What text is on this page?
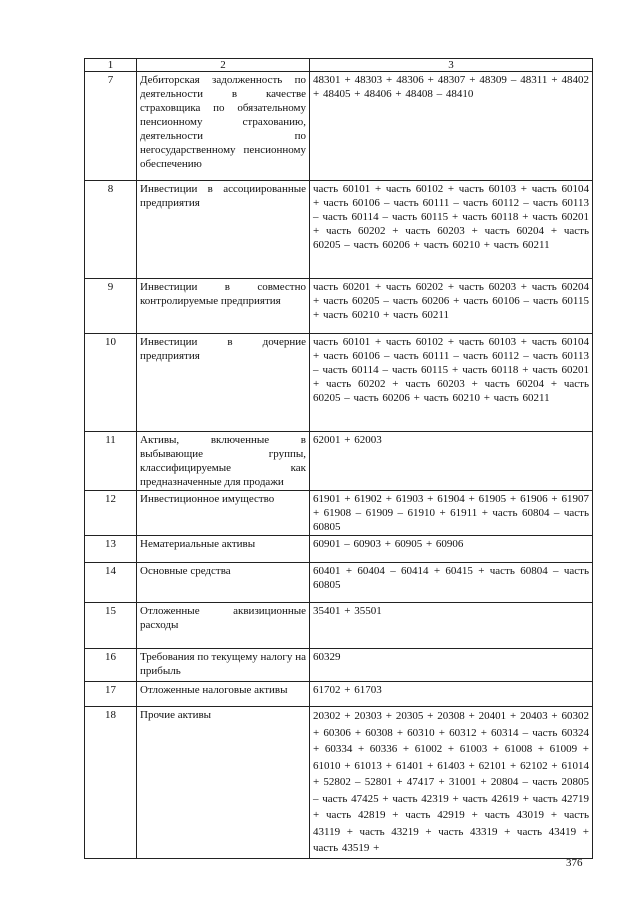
1	2	3
7	Дебиторская задолженность по деятельности в качестве страховщика по обязательному пенсионному страхованию, деятельности по негосударственному пенсионному обеспечению	48301 + 48303 + 48306 + 48307 + 48309 – 48311 + 48402 + 48405 + 48406 + 48408 – 48410
8	Инвестиции в ассоциированные предприятия	часть 60101 + часть 60102 + часть 60103 + часть 60104 + часть 60106 – часть 60111 – часть 60112 – часть 60113 – часть 60114 – часть 60115 + часть 60118 + часть 60201 + часть 60202 + часть 60203 + часть 60204 + часть 60205 – часть 60206 + часть 60210 + часть 60211
9	Инвестиции в совместно контролируемые предприятия	часть 60201 + часть 60202 + часть 60203 + часть 60204 + часть 60205 – часть 60206 + часть 60106 – часть 60115 + часть 60210 + часть 60211
10	Инвестиции в дочерние предприятия	часть 60101 + часть 60102 + часть 60103 + часть 60104 + часть 60106 – часть 60111 – часть 60112 – часть 60113 – часть 60114 – часть 60115 + часть 60118 + часть 60201 + часть 60202 + часть 60203 + часть 60204 + часть 60205 – часть 60206 + часть 60210 + часть 60211
11	Активы, включенные в выбывающие группы, классифицируемые как предназначенные для продажи	62001 + 62003
12	Инвестиционное имущество	61901 + 61902 + 61903 + 61904 + 61905 + 61906 + 61907 + 61908 – 61909 – 61910 + 61911 + часть 60804 – часть 60805
13	Нематериальные активы	60901 – 60903 + 60905 + 60906
14	Основные средства	60401 + 60404 – 60414 + 60415 + часть 60804 – часть 60805
15	Отложенные аквизиционные расходы	35401 + 35501
16	Требования по текущему налогу на прибыль	60329
17	Отложенные налоговые активы	61702 + 61703
18	Прочие активы	20302 + 20303 + 20305 + 20308 + 20401 + 20403 + 60302 + 60306 + 60308 + 60310 + 60312 + 60314 – часть 60324 + 60334 + 60336 + 61002 + 61003 + 61008 + 61009 + 61010 + 61013 + 61401 + 61403 + 62101 + 62102 + 61014 + 52802 – 52801 + 47417 + 31001 + 20804 – часть 20805 – часть 47425 + часть 42319 + часть 42619 + часть 42719 + часть 42819 + часть 42919 + часть 43019 + часть 43119 + часть 43219 + часть 43319 + часть 43419 + часть 43519 +
376
